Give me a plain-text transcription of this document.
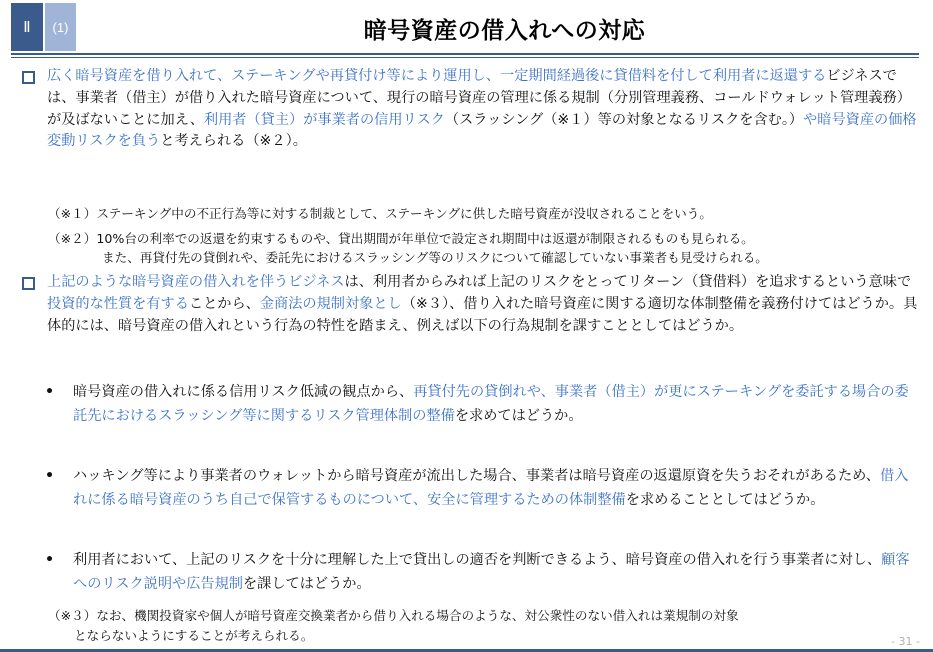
Ⅱ	(1)	暗号資産の借入れへの対応
広く暗号資産を借り入れて、ステーキングや再貸付け等により運用し、一定期間経過後に貸借料を付して利用者に返還するビジネスでは、事業者（借主）が借り入れた暗号資産について、現行の暗号資産の管理に係る規制（分別管理義務、コールドウォレット管理義務）が及ばないことに加え、利用者（貸主）が事業者の信用リスク（スラッシング（※１）等の対象となるリスクを含む。）や暗号資産の価格変動リスクを負うと考えられる（※２）。
（※１）ステーキング中の不正行為等に対する制裁として、ステーキングに供した暗号資産が没収されることをいう。
（※２）10%台の利率での返還を約束するものや、貸出期間が年単位で設定され期間中は返還が制限されるものも見られる。
また、再貸付先の貸倒れや、委託先におけるスラッシング等のリスクについて確認していない事業者も見受けられる。
上記のような暗号資産の借入れを伴うビジネスは、利用者からみれば上記のリスクをとってリターン（貸借料）を追求するという意味で投資的な性質を有することから、金商法の規制対象とし（※３）、借り入れた暗号資産に関する適切な体制整備を義務付けてはどうか。具体的には、暗号資産の借入れという行為の特性を踏まえ、例えば以下の行為規制を課すこととしてはどうか。
• 暗号資産の借入れに係る信用リスク低減の観点から、再貸付先の貸倒れや、事業者（借主）が更にステーキングを委託する場合の委託先におけるスラッシング等に関するリスク管理体制の整備を求めてはどうか。
• ハッキング等により事業者のウォレットから暗号資産が流出した場合、事業者は暗号資産の返還原資を失うおそれがあるため、借入れに係る暗号資産のうち自己で保管するものについて、安全に管理するための体制整備を求めることとしてはどうか。
• 利用者において、上記のリスクを十分に理解した上で貸出しの適否を判断できるよう、暗号資産の借入れを行う事業者に対し、顧客へのリスク説明や広告規制を課してはどうか。
（※３）なお、機関投資家や個人が暗号資産交換業者から借り入れる場合のような、対公衆性のない借入れは業規制の対象
とならないようにすることが考えられる。	- 31 -
